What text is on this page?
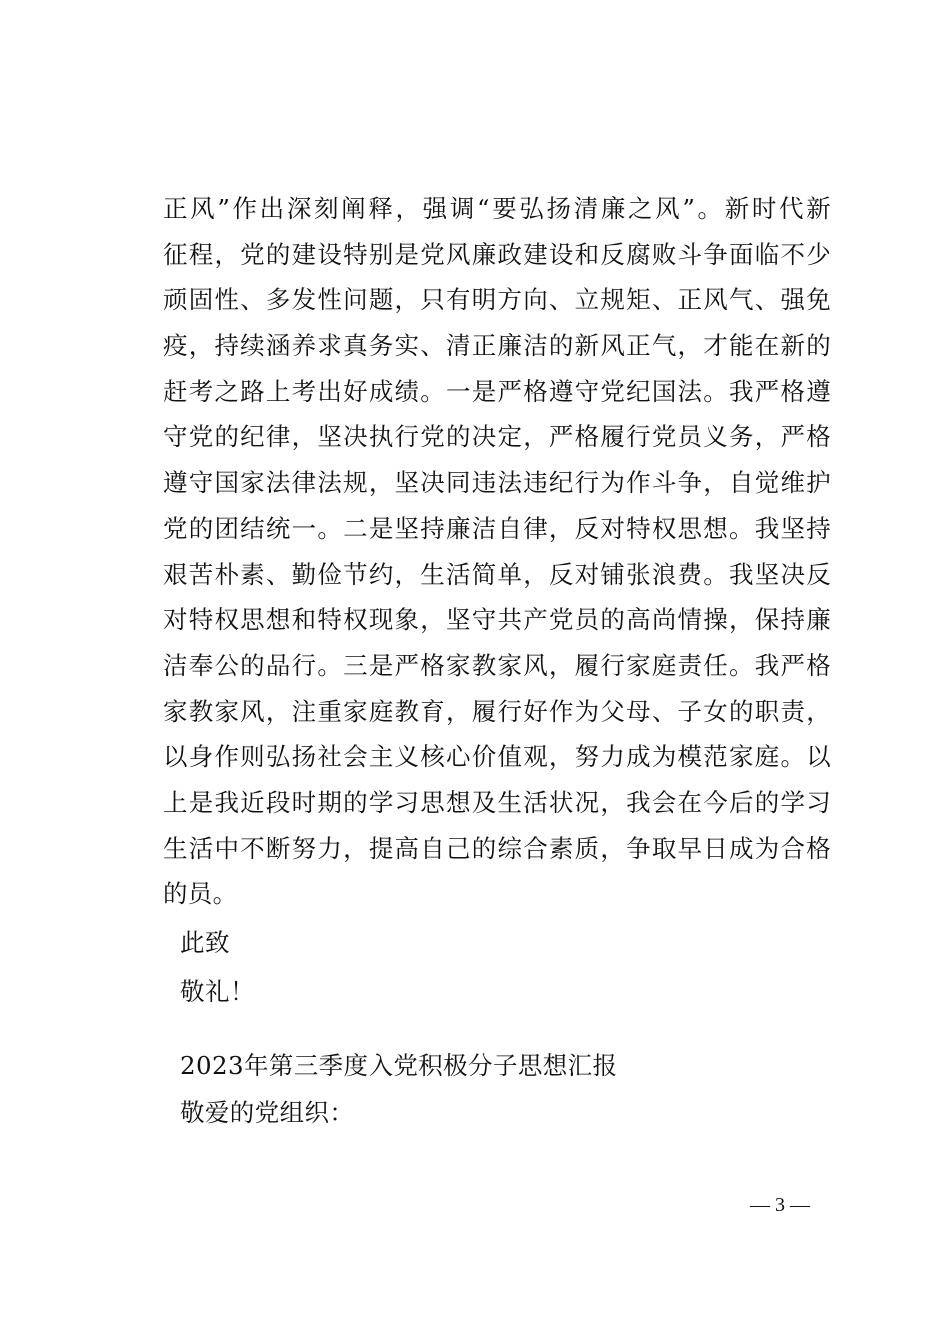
正风”作出深刻阐释，强调“要弘扬清廉之风”。新时代新
征程，党的建设特别是党风廉政建设和反腐败斗争面临不少
顽固性、多发性问题，只有明方向、立规矩、正风气、强免
疫，持续涵养求真务实、清正廉洁的新风正气，才能在新的
赶考之路上考出好成绩。一是严格遵守党纪国法。我严格遵
守党的纪律，坚决执行党的决定，严格履行党员义务，严格
遵守国家法律法规，坚决同违法违纪行为作斗争，自觉维护
党的团结统一。二是坚持廉洁自律，反对特权思想。我坚持
艰苦朴素、勤俭节约，生活简单，反对铺张浪费。我坚决反
对特权思想和特权现象，坚守共产党员的高尚情操，保持廉
洁奉公的品行。三是严格家教家风，履行家庭责任。我严格
家教家风，注重家庭教育，履行好作为父母、子女的职责，
以身作则弘扬社会主义核心价值观，努力成为模范家庭。以
上是我近段时期的学习思想及生活状况，我会在今后的学习
生活中不断努力，提高自己的综合素质，争取早日成为合格
的员。
此致
敬礼！
2023年第三季度入党积极分子思想汇报
敬爱的党组织：
— 3 —
